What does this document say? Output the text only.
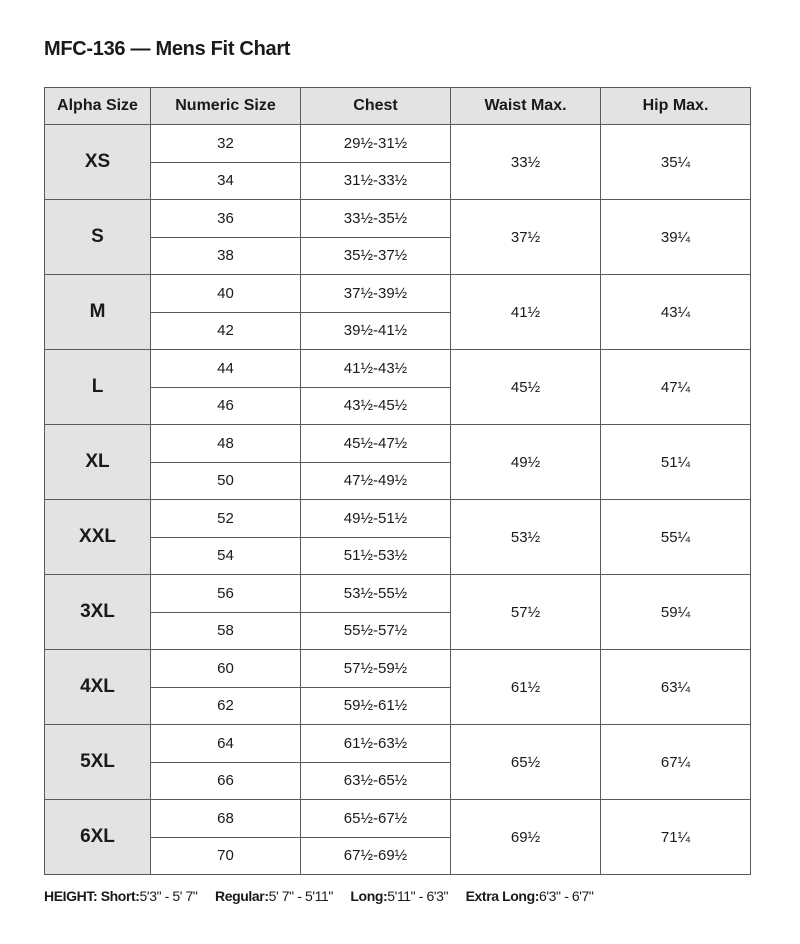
MFC-136 — Mens Fit Chart
Alpha Size	Numeric Size	Chest	Waist Max.	Hip Max.
XS	32	29½-31½	33½	35¼
	34	31½-33½		
S	36	33½-35½	37½	39¼
	38	35½-37½		
M	40	37½-39½	41½	43¼
	42	39½-41½		
L	44	41½-43½	45½	47¼
	46	43½-45½		
XL	48	45½-47½	49½	51¼
	50	47½-49½		
XXL	52	49½-51½	53½	55¼
	54	51½-53½		
3XL	56	53½-55½	57½	59¼
	58	55½-57½		
4XL	60	57½-59½	61½	63¼
	62	59½-61½		
5XL	64	61½-63½	65½	67¼
	66	63½-65½		
6XL	68	65½-67½	69½	71¼
	70	67½-69½		
HEIGHT: Short:5'3" - 5' 7" Regular:5' 7" - 5'11" Long:5'11" - 6'3" Extra Long:6'3" - 6'7"
